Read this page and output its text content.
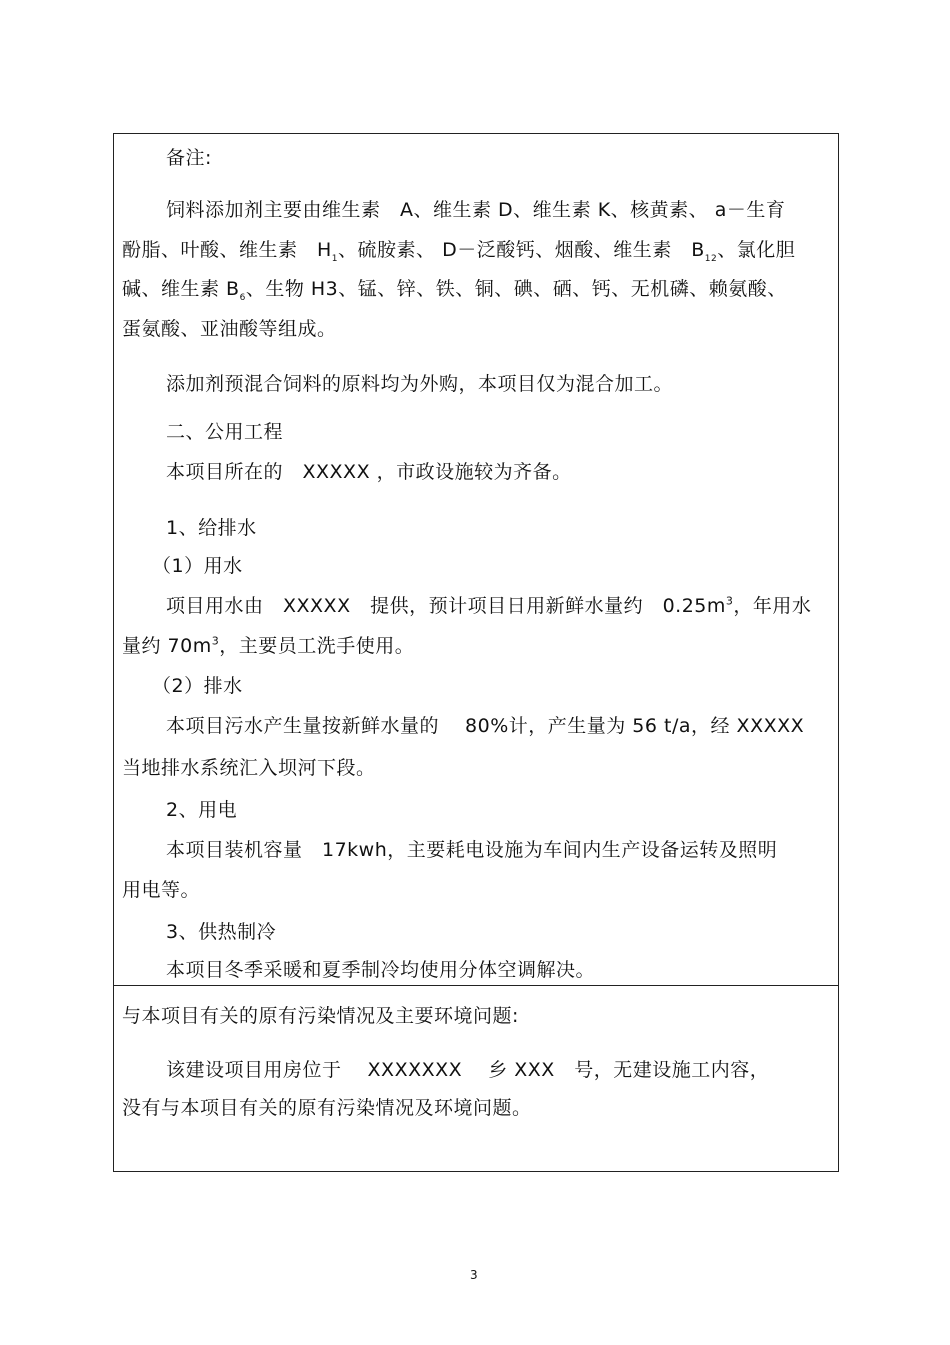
备注:
饲料添加剂主要由维生素　A、维生素 D、维生素 K、核黄素、 a－生育
酚脂、叶酸、维生素　$H_1$、硫胺素、 D－泛酸钙、烟酸、维生素　$B_{12}$、氯化胆
碱、维生素 $B_6$、生物 H3、锰、锌、铁、铜、碘、硒、钙、无机磷、赖氨酸、
蛋氨酸、亚油酸等组成。
添加剂预混合饲料的原料均为外购，本项目仅为混合加工。
二、公用工程
本项目所在的　XXXXX ，市政设施较为齐备。
1、给排水
（1）用水
项目用水由　XXXXX　提供，预计项目日用新鲜水量约　$0.25m^3$，年用水
量约 $70m^3$，主要员工洗手使用。
（2）排水
本项目污水产生量按新鲜水量的　 80%计，产生量为 56 t/a，经 XXXXX
当地排水系统汇入坝河下段。
2、用电
本项目装机容量　17kwh，主要耗电设施为车间内生产设备运转及照明
用电等。
3、供热制冷
本项目冬季采暖和夏季制冷均使用分体空调解决。
与本项目有关的原有污染情况及主要环境问题:
该建设项目用房位于　 XXXXXXX　 乡 XXX　号，无建设施工内容，
没有与本项目有关的原有污染情况及环境问题。
3
